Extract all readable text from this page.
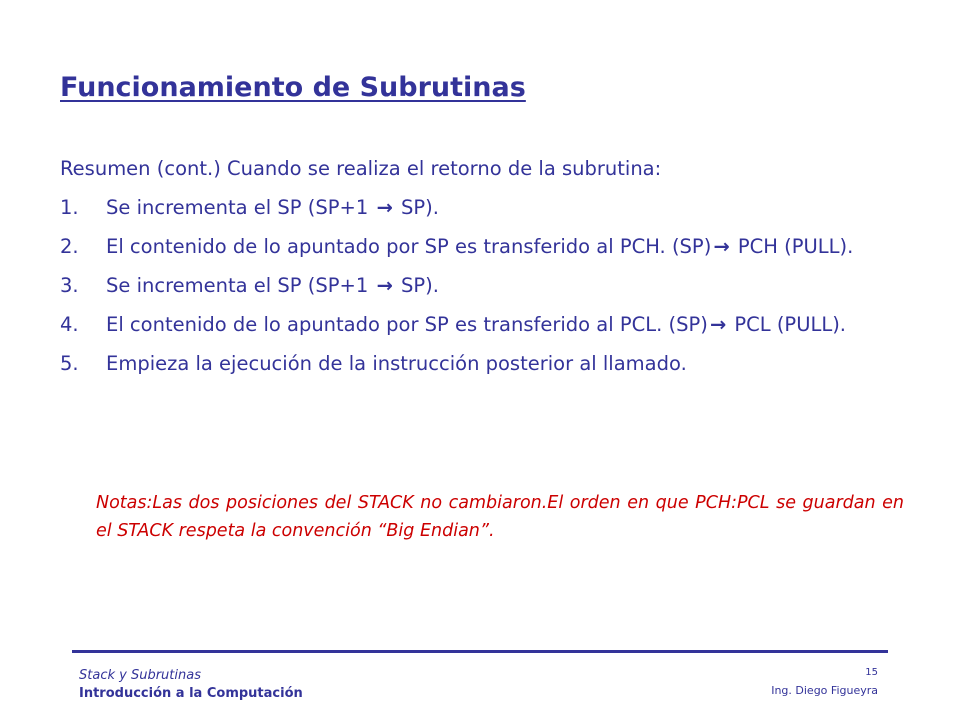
Funcionamiento de Subrutinas

Resumen (cont.) Cuando se realiza el retorno de la subrutina:

1.	Se incrementa el SP (SP+1 → SP).
2.	El contenido de lo apuntado por SP es transferido al PCH. (SP) → PCH (PULL).
3.	Se incrementa el SP (SP+1 → SP).
4.	El contenido de lo apuntado por SP es transferido al PCL. (SP) → PCL (PULL).
5.	Empieza la ejecución de la instrucción posterior al llamado.

Notas:Las dos posiciones del STACK no cambiaron.El orden en que PCH:PCL se guardan en el STACK respeta la convención “Big Endian”.

Stack y Subrutinas
Introducción a la Computación
15
Ing. Diego Figueyra
